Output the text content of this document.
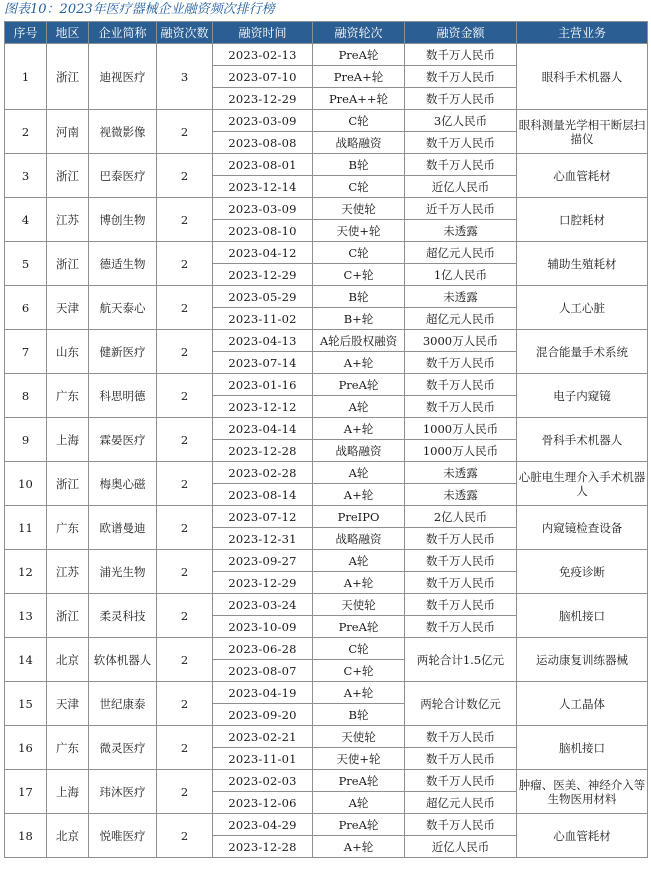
图表10：2023年医疗器械企业融资频次排行榜
序号	地区	企业简称	融资次数	融资时间	融资轮次	融资金额	主营业务
1	浙江	迪视医疗	3	2023-02-13	PreA轮	数千万人民币	眼科手术机器人
				2023-07-10	PreA+轮	数千万人民币	
				2023-12-29	PreA++轮	数千万人民币	
2	河南	视微影像	2	2023-03-09	C轮	3亿人民币	眼科测量光学相干断层扫描仪
				2023-08-08	战略融资	数千万人民币	
3	浙江	巴泰医疗	2	2023-08-01	B轮	数千万人民币	心血管耗材
				2023-12-14	C轮	近亿人民币	
4	江苏	博创生物	2	2023-03-09	天使轮	近千万人民币	口腔耗材
				2023-08-10	天使+轮	未透露	
5	浙江	德适生物	2	2023-04-12	C轮	超亿元人民币	辅助生殖耗材
				2023-12-29	C+轮	1亿人民币	
6	天津	航天泰心	2	2023-05-29	B轮	未透露	人工心脏
				2023-11-02	B+轮	超亿元人民币	
7	山东	健新医疗	2	2023-04-13	A轮后股权融资	3000万人民币	混合能量手术系统
				2023-07-14	A+轮	数千万人民币	
8	广东	科思明德	2	2023-01-16	PreA轮	数千万人民币	电子内窥镜
				2023-12-12	A轮	数千万人民币	
9	上海	霖晏医疗	2	2023-04-14	A+轮	1000万人民币	骨科手术机器人
				2023-12-28	战略融资	1000万人民币	
10	浙江	梅奥心磁	2	2023-02-28	A轮	未透露	心脏电生理介入手术机器人
				2023-08-14	A+轮	未透露	
11	广东	欧谱曼迪	2	2023-07-12	PreIPO	2亿人民币	内窥镜检查设备
				2023-12-31	战略融资	数千万人民币	
12	江苏	浦光生物	2	2023-09-27	A轮	数千万人民币	免疫诊断
				2023-12-29	A+轮	数千万人民币	
13	浙江	柔灵科技	2	2023-03-24	天使轮	数千万人民币	脑机接口
				2023-10-09	PreA轮	数千万人民币	
14	北京	软体机器人	2	2023-06-28	C轮	两轮合计1.5亿元	运动康复训练器械
				2023-08-07	C+轮		
15	天津	世纪康泰	2	2023-04-19	A+轮	两轮合计数亿元	人工晶体
				2023-09-20	B轮		
16	广东	微灵医疗	2	2023-02-21	天使轮	数千万人民币	脑机接口
				2023-11-01	天使+轮	数千万人民币	
17	上海	玮沐医疗	2	2023-02-03	PreA轮	数千万人民币	肿瘤、医美、神经介入等生物医用材料
				2023-12-06	A轮	超亿元人民币	
18	北京	悦唯医疗	2	2023-04-29	PreA轮	数千万人民币	心血管耗材
				2023-12-28	A+轮	近亿人民币	
